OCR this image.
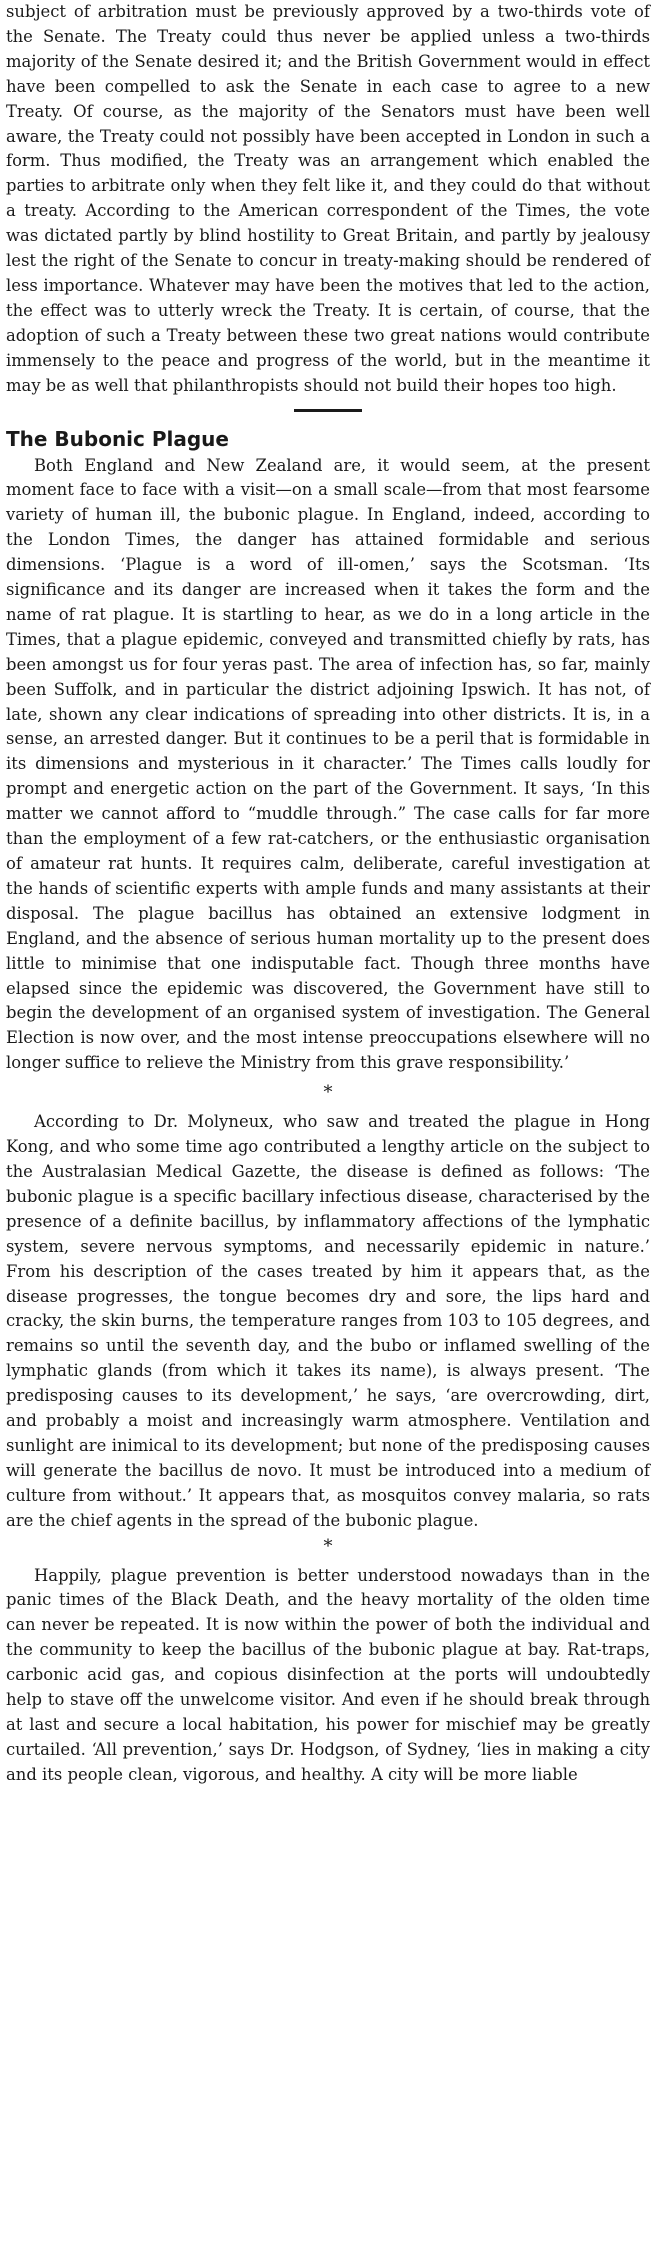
subject of arbitration must be previously approved by a two-thirds vote of the Senate. The Treaty could thus never be applied unless a two-thirds majority of the Senate desired it; and the British Government would in effect have been compelled to ask the Senate in each case to agree to a new Treaty. Of course, as the majority of the Senators must have been well aware, the Treaty could not possibly have been accepted in London in such a form. Thus modified, the Treaty was an arrangement which enabled the parties to arbitrate only when they felt like it, and they could do that without a treaty. According to the American correspondent of the Times, the vote was dictated partly by blind hostility to Great Britain, and partly by jealousy lest the right of the Senate to concur in treaty-making should be rendered of less importance. Whatever may have been the motives that led to the action, the effect was to utterly wreck the Treaty. It is certain, of course, that the adoption of such a Treaty between these two great nations would contribute immensely to the peace and progress of the world, but in the meantime it may be as well that philanthropists should not build their hopes too high.

The Bubonic Plague

Both England and New Zealand are, it would seem, at the present moment face to face with a visit—on a small scale—from that most fearsome variety of human ill, the bubonic plague. In England, indeed, according to the London Times, the danger has attained formidable and serious dimensions. ‘Plague is a word of ill-omen,’ says the Scotsman. ‘Its significance and its danger are increased when it takes the form and the name of rat plague. It is startling to hear, as we do in a long article in the Times, that a plague epidemic, conveyed and transmitted chiefly by rats, has been amongst us for four yeras past. The area of infection has, so far, mainly been Suffolk, and in particular the district adjoining Ipswich. It has not, of late, shown any clear indications of spreading into other districts. It is, in a sense, an arrested danger. But it continues to be a peril that is formidable in its dimensions and mysterious in it character.’ The Times calls loudly for prompt and energetic action on the part of the Government. It says, ‘In this matter we cannot afford to “muddle through.” The case calls for far more than the employment of a few rat-catchers, or the enthusiastic organisation of amateur rat hunts. It requires calm, deliberate, careful investigation at the hands of scientific experts with ample funds and many assistants at their disposal. The plague bacillus has obtained an extensive lodgment in England, and the absence of serious human mortality up to the present does little to minimise that one indisputable fact. Though three months have elapsed since the epidemic was discovered, the Government have still to begin the development of an organised system of investigation. The General Election is now over, and the most intense preoccupations elsewhere will no longer suffice to relieve the Ministry from this grave responsibility.’

*

According to Dr. Molyneux, who saw and treated the plague in Hong Kong, and who some time ago contributed a lengthy article on the subject to the Australasian Medical Gazette, the disease is defined as follows: ‘The bubonic plague is a specific bacillary infectious disease, characterised by the presence of a definite bacillus, by inflammatory affections of the lymphatic system, severe nervous symptoms, and necessarily epidemic in nature.’ From his description of the cases treated by him it appears that, as the disease progresses, the tongue becomes dry and sore, the lips hard and cracky, the skin burns, the temperature ranges from 103 to 105 degrees, and remains so until the seventh day, and the bubo or inflamed swelling of the lymphatic glands (from which it takes its name), is always present. ‘The predisposing causes to its development,’ he says, ‘are overcrowding, dirt, and probably a moist and increasingly warm atmosphere. Ventilation and sunlight are inimical to its development; but none of the predisposing causes will generate the bacillus de novo. It must be introduced into a medium of culture from without.’ It appears that, as mosquitos convey malaria, so rats are the chief agents in the spread of the bubonic plague.

*

Happily, plague prevention is better understood nowadays than in the panic times of the Black Death, and the heavy mortality of the olden time can never be repeated. It is now within the power of both the individual and the community to keep the bacillus of the bubonic plague at bay. Rat-traps, carbonic acid gas, and copious disinfection at the ports will undoubtedly help to stave off the unwelcome visitor. And even if he should break through at last and secure a local habitation, his power for mischief may be greatly curtailed. ‘All prevention,’ says Dr. Hodgson, of Sydney, ‘lies in making a city and its people clean, vigorous, and healthy. A city will be more liable
